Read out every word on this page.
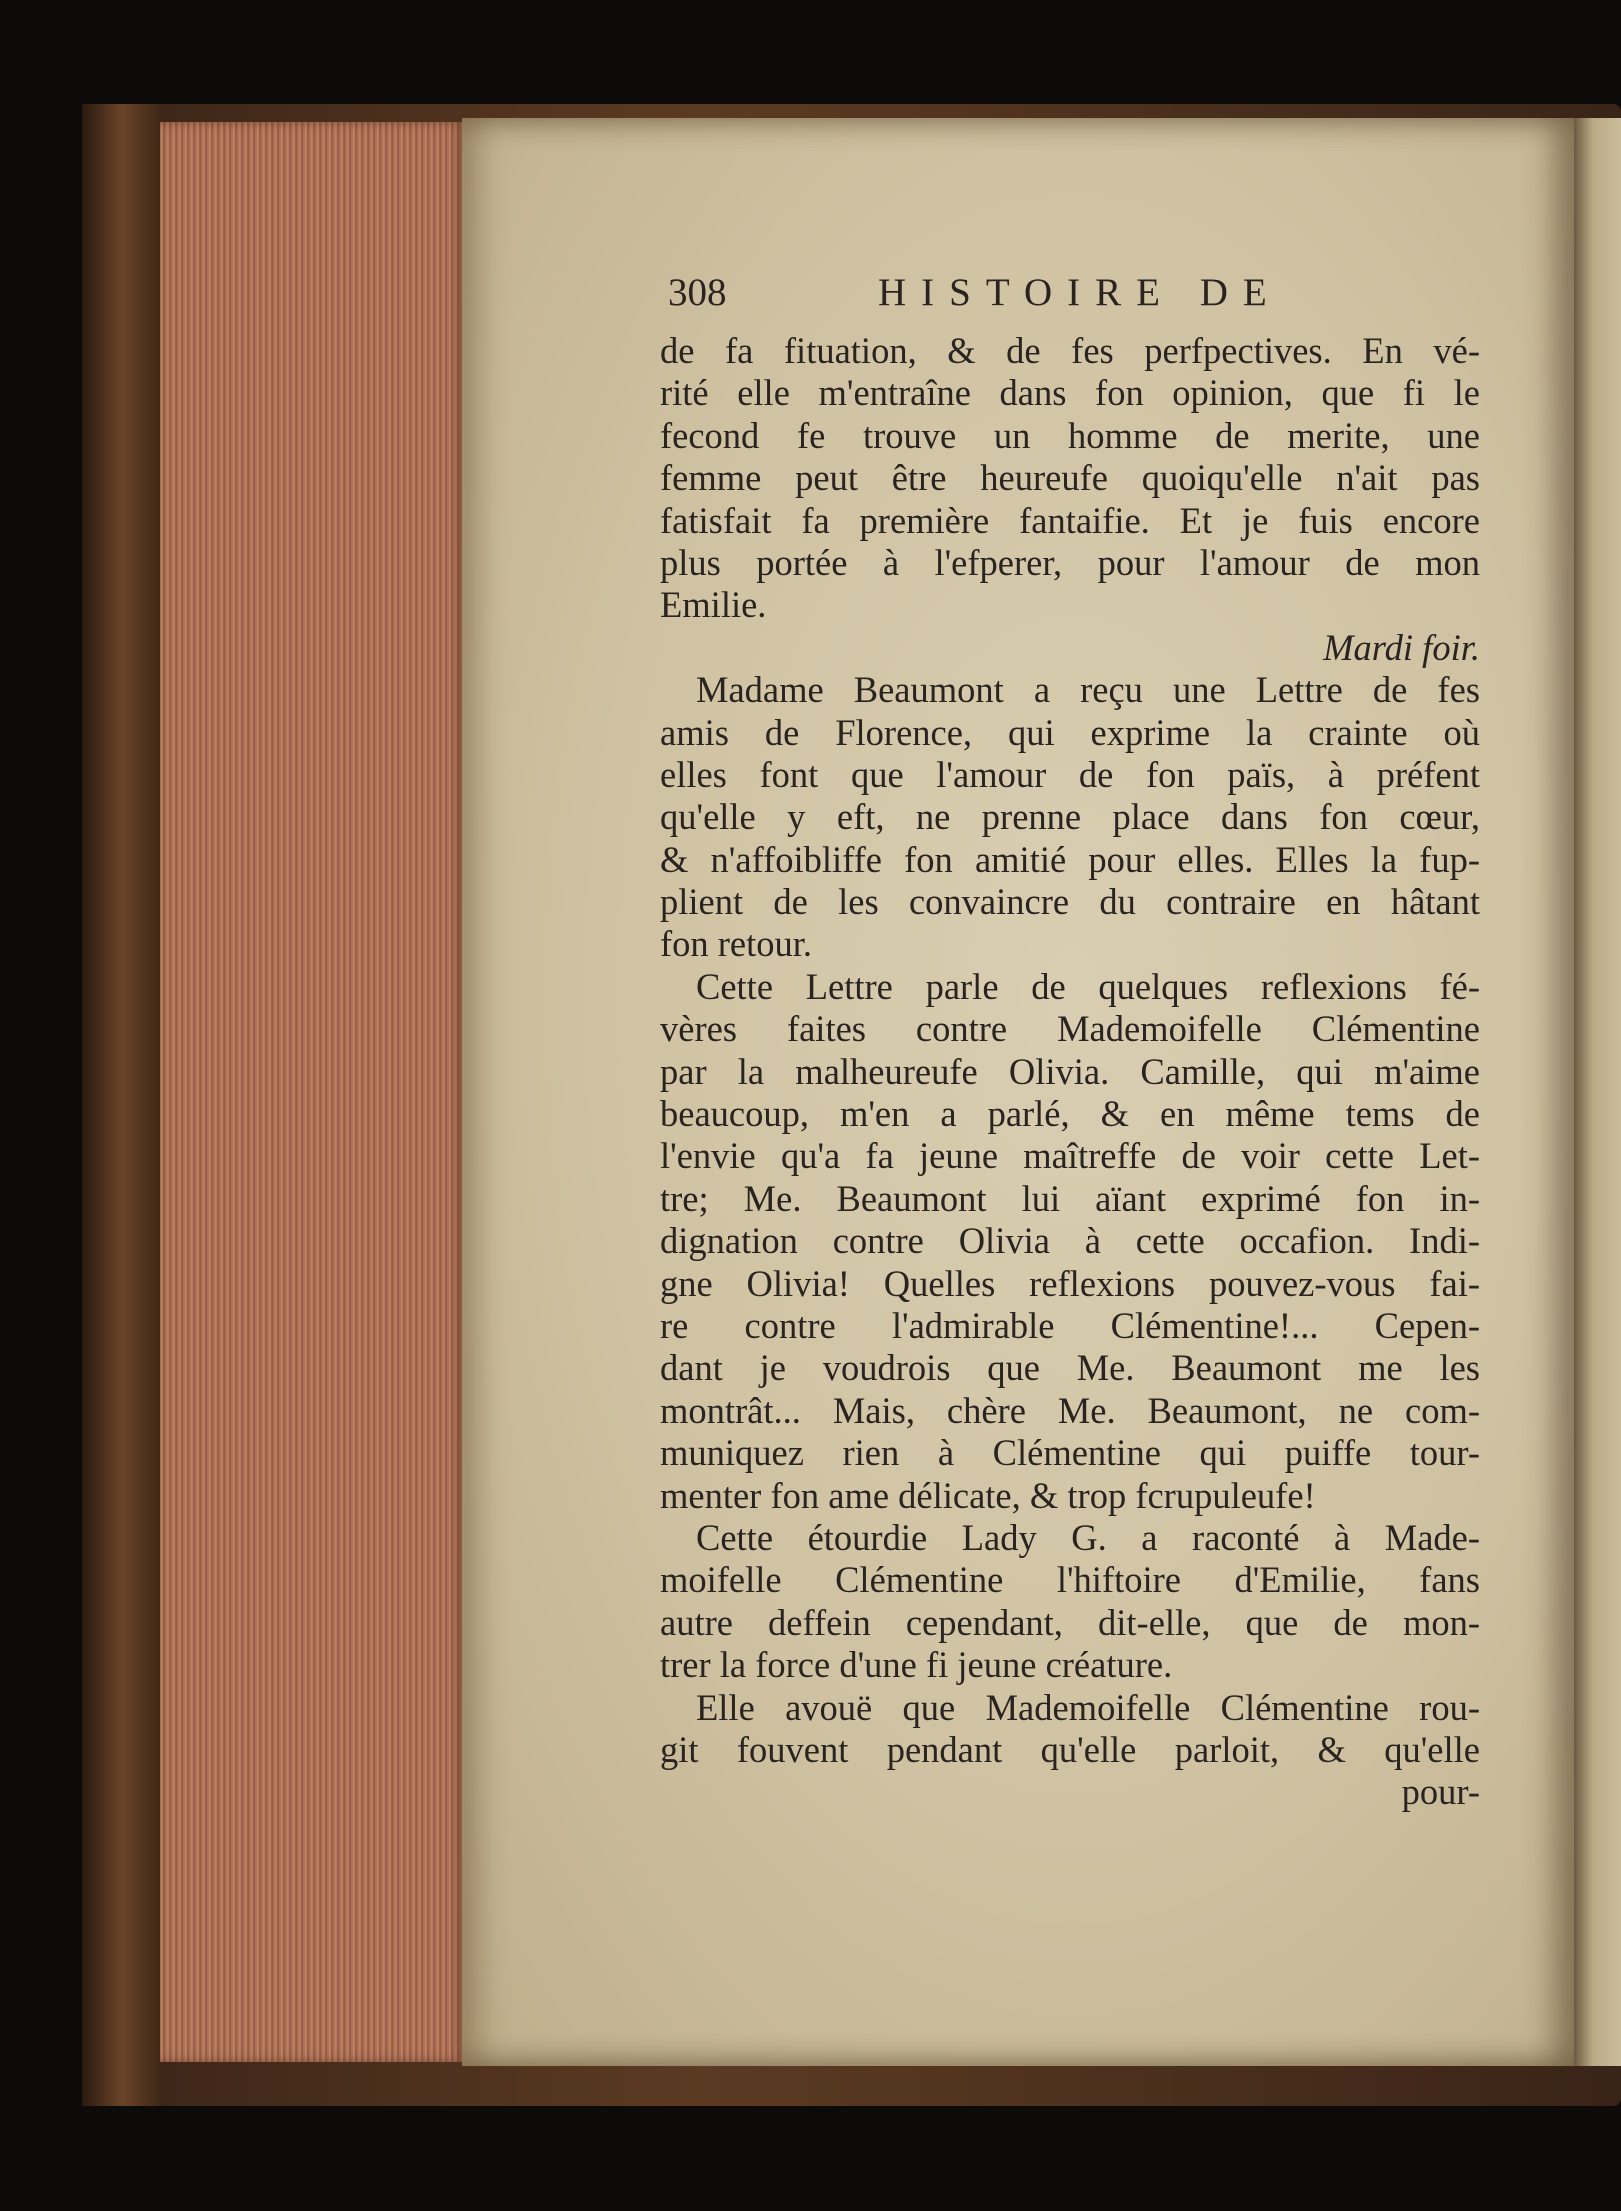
308	HISTOIRE DE
de fa fituation, & de fes perfpectives. En vé-
rité elle m'entraîne dans fon opinion, que fi le
fecond fe trouve un homme de merite, une
femme peut être heureufe quoiqu'elle n'ait pas
fatisfait fa première fantaifie. Et je fuis encore
plus portée à l'efperer, pour l'amour de mon
Emilie.
Mardi foir.
Madame Beaumont a reçu une Lettre de fes
amis de Florence, qui exprime la crainte où
elles font que l'amour de fon païs, à préfent
qu'elle y eft, ne prenne place dans fon cœur,
& n'affoibliffe fon amitié pour elles. Elles la fup-
plient de les convaincre du contraire en hâtant
fon retour.
Cette Lettre parle de quelques reflexions fé-
vères faites contre Mademoifelle Clémentine
par la malheureufe Olivia. Camille, qui m'aime
beaucoup, m'en a parlé, & en même tems de
l'envie qu'a fa jeune maîtreffe de voir cette Let-
tre; Me. Beaumont lui aïant exprimé fon in-
dignation contre Olivia à cette occafion. Indi-
gne Olivia! Quelles reflexions pouvez-vous fai-
re contre l'admirable Clémentine!... Cepen-
dant je voudrois que Me. Beaumont me les
montrât... Mais, chère Me. Beaumont, ne com-
muniquez rien à Clémentine qui puiffe tour-
menter fon ame délicate, & trop fcrupuleufe!
Cette étourdie Lady G. a raconté à Made-
moifelle Clémentine l'hiftoire d'Emilie, fans
autre deffein cependant, dit-elle, que de mon-
trer la force d'une fi jeune créature.
Elle avouë que Mademoifelle Clémentine rou-
git fouvent pendant qu'elle parloit, & qu'elle
pour-
